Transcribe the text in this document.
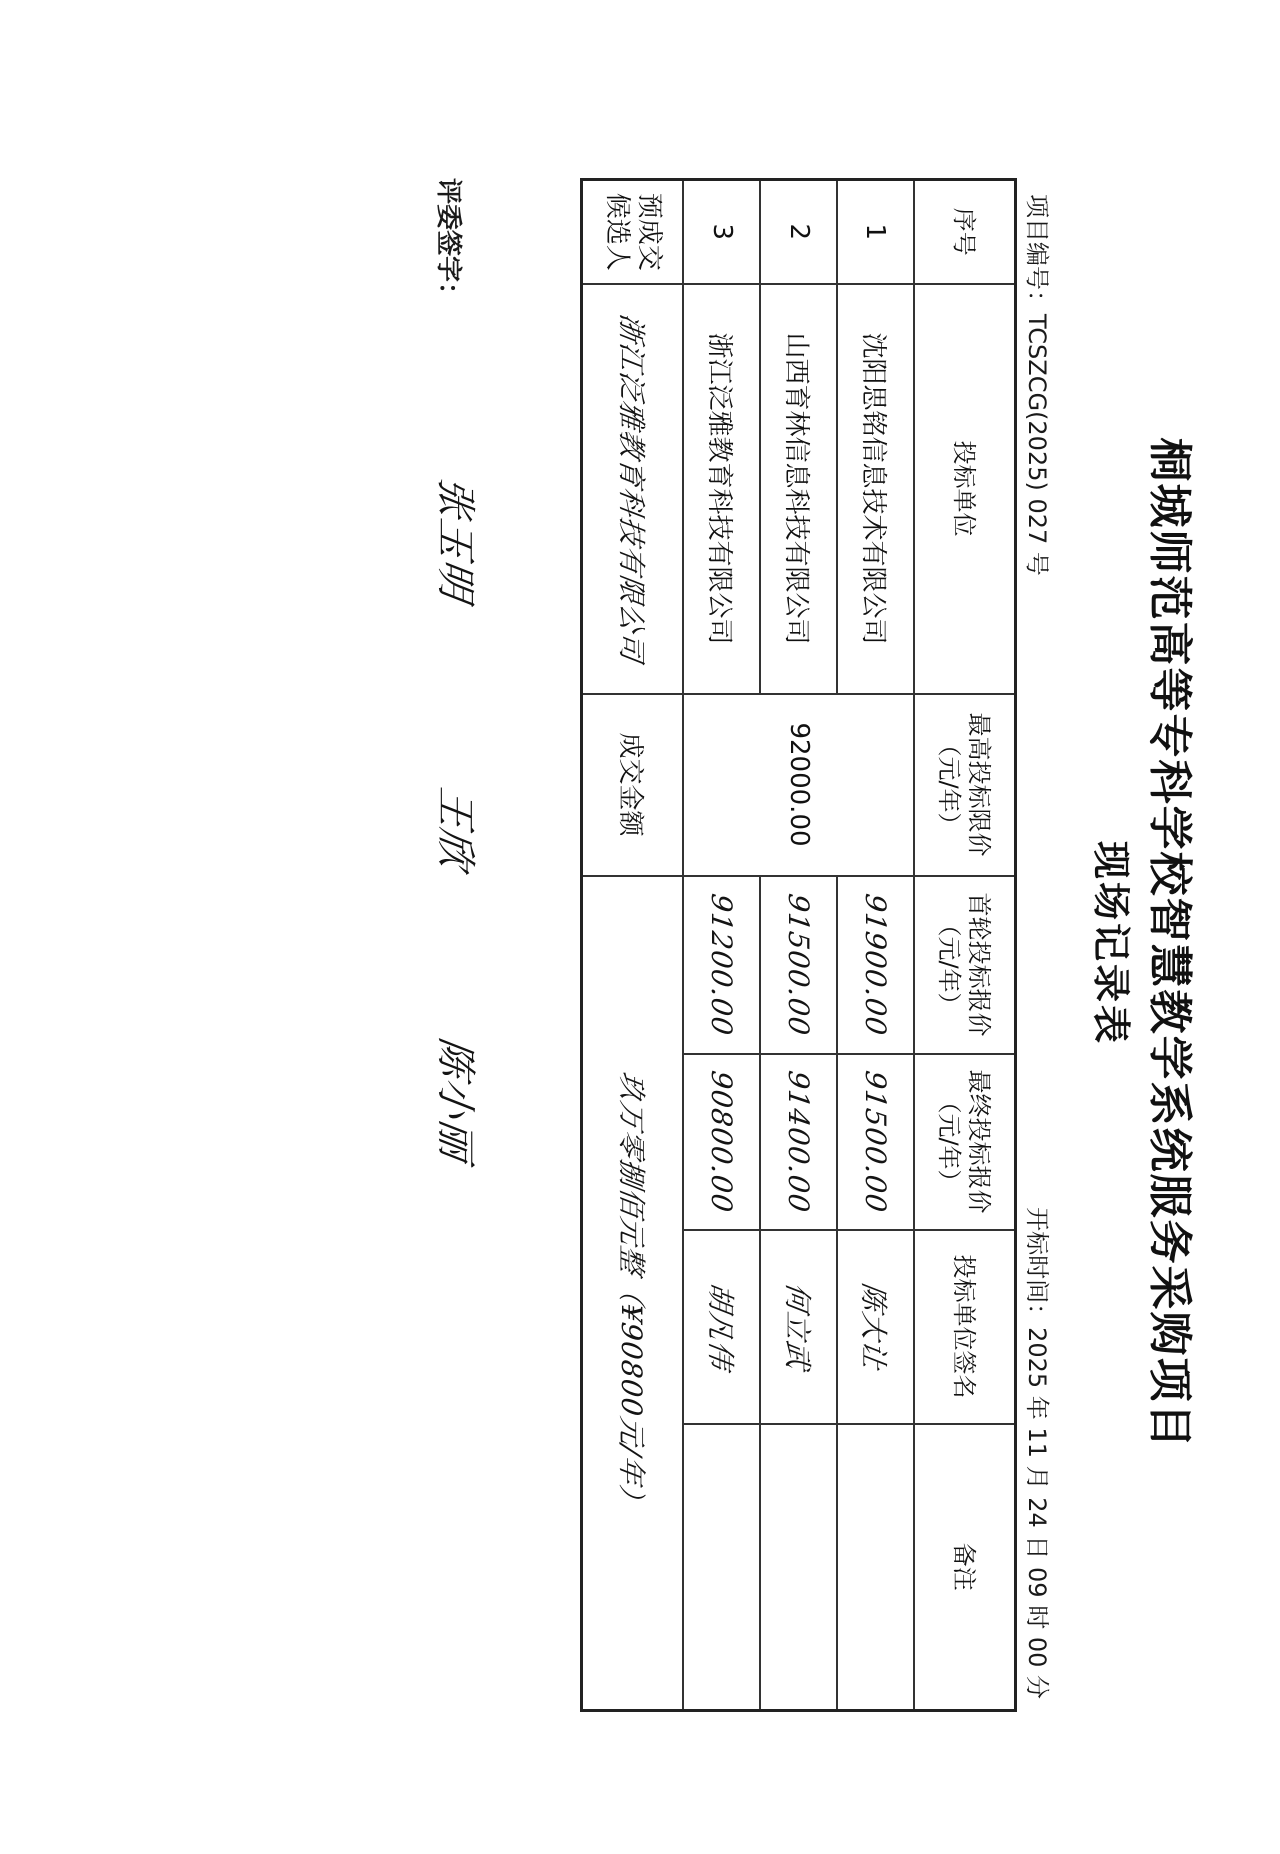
桐城师范高等专科学校智慧教学系统服务采购项目
现场记录表
项目编号：TCSZCG(2025) 027 号
开标时间：2025 年 11 月 24 日 09 时 00 分
序号	投标单位	最高投标限价（元/年）	首轮投标报价（元/年）	最终投标报价（元/年）	投标单位签名	备注
1	沈阳思铭信息技术有限公司	92000.00	91900.00	91500.00	陈大让	
2	山西育林信息科技有限公司		91500.00	91400.00	何立武	
3	浙江泛雅教育科技有限公司		91200.00	90800.00	胡凡伟	
预成交候选人	浙江泛雅教育科技有限公司	成交金额	玖万零捌佰元整（¥90800元/年）			
评委签字：
张玉明
王欣
陈小丽
